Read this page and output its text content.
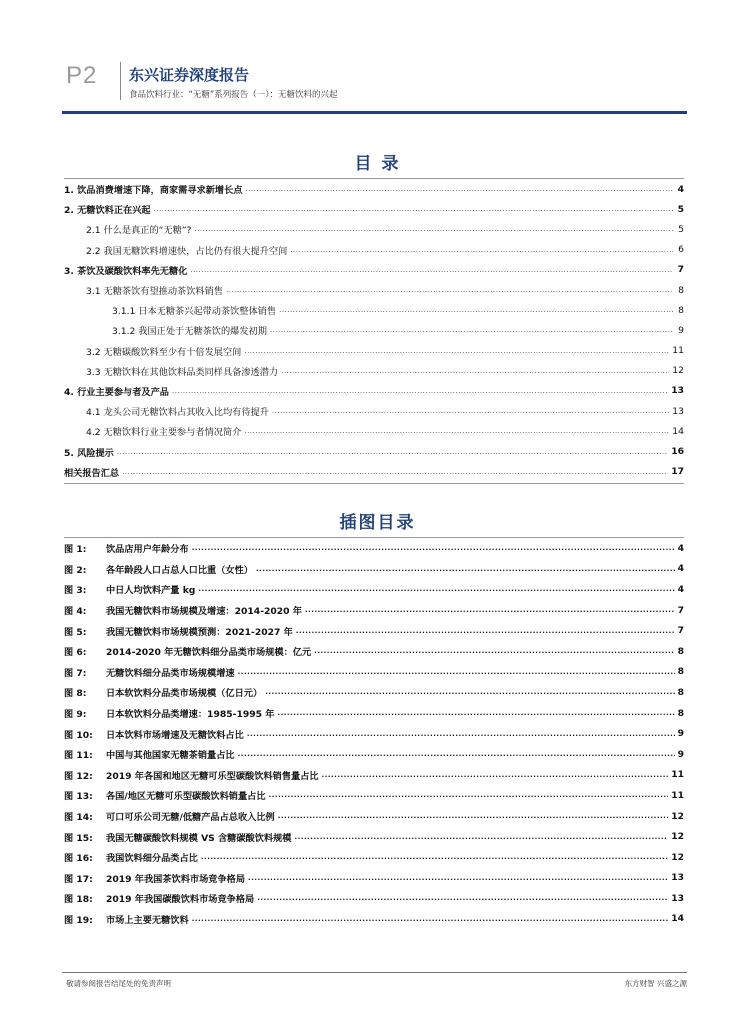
P2 东兴证券深度报告
食品饮料行业：“无糖”系列报告（一）：无糖饮料的兴起
目 录
1. 饮品消费增速下降，商家需寻求新增长点 .....	4
2. 无糖饮料正在兴起 .....	5
2.1 什么是真正的“无糖”? .....	5
2.2 我国无糖饮料增速快，占比仍有很大提升空间 .....	6
3. 茶饮及碳酸饮料率先无糖化 .....	7
3.1 无糖茶饮有望推动茶饮料销售 .....	8
3.1.1 日本无糖茶兴起带动茶饮整体销售 .....	8
3.1.2 我国正处于无糖茶饮的爆发初期 .....	9
3.2 无糖碳酸饮料至少有十倍发展空间 .....	11
3.3 无糖饮料在其他饮料品类同样具备渗透潜力 .....	12
4. 行业主要参与者及产品 .....	13
4.1 龙头公司无糖饮料占其收入比均有待提升 .....	13
4.2 无糖饮料行业主要参与者情况简介 .....	14
5. 风险提示 .....	16
相关报告汇总 .....	17
插图目录
图 1:	饮品店用户年龄分布 .....	4
图 2:	各年龄段人口占总人口比重（女性） .....	4
图 3:	中日人均饮料产量 kg .....	4
图 4:	我国无糖饮料市场规模及增速：2014-2020 年 .....	7
图 5:	我国无糖饮料市场规模预测：2021-2027 年 .....	7
图 6:	2014-2020 年无糖饮料细分品类市场规模：亿元 .....	8
图 7:	无糖饮料细分品类市场规模增速 .....	8
图 8:	日本软饮料分品类市场规模（亿日元） .....	8
图 9:	日本软饮料分品类增速：1985-1995 年 .....	8
图 10:	日本饮料市场增速及无糖饮料占比 .....	9
图 11:	中国与其他国家无糖茶销量占比 .....	9
图 12:	2019 年各国和地区无糖可乐型碳酸饮料销售量占比 .....	11
图 13:	各国/地区无糖可乐型碳酸饮料销量占比 .....	11
图 14:	可口可乐公司无糖/低糖产品占总收入比例 .....	12
图 15:	我国无糖碳酸饮料规模 VS 含糖碳酸饮料规模 .....	12
图 16:	我国饮料细分品类占比 .....	12
图 17:	2019 年我国茶饮料市场竞争格局 .....	13
图 18:	2019 年我国碳酸饮料市场竞争格局 .....	13
图 19:	市场上主要无糖饮料 .....	14
敬请参阅报告结尾处的免责声明	东方财智 兴盛之源
